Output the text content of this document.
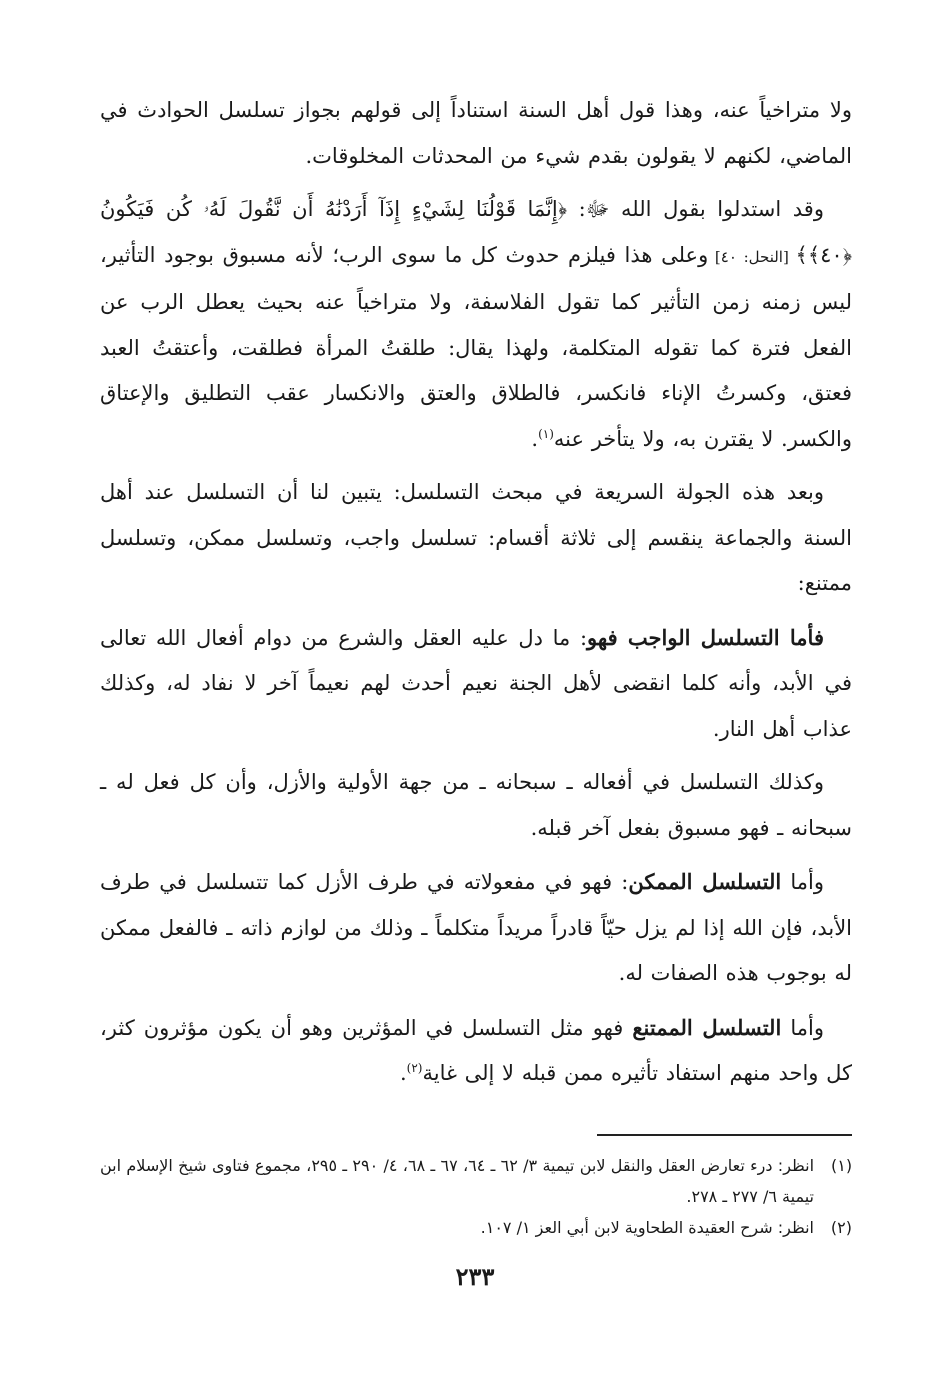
ولا متراخياً عنه، وهذا قول أهل السنة استناداً إلى قولهم بجواز تسلسل الحوادث في الماضي، لكنهم لا يقولون بقدم شيء من المحدثات المخلوقات.

وقد استدلوا بقول الله ﷻ: ﴿إِنَّمَا قَوْلُنَا لِشَيْءٍ إِذَآ أَرَدْنَٰهُ أَن نَّقُولَ لَهُۥ كُن فَيَكُونُ ﴿٤٠﴾﴾ [النحل: ٤٠] وعلى هذا فيلزم حدوث كل ما سوى الرب؛ لأنه مسبوق بوجود التأثير، ليس زمنه زمن التأثير كما تقول الفلاسفة، ولا متراخياً عنه بحيث يعطل الرب عن الفعل فترة كما تقوله المتكلمة، ولهذا يقال: طلقتُ المرأة فطلقت، وأعتقتُ العبد فعتق، وكسرتُ الإناء فانكسر، فالطلاق والعتق والانكسار عقب التطليق والإعتاق والكسر. لا يقترن به، ولا يتأخر عنه$^{(١)}$.

وبعد هذه الجولة السريعة في مبحث التسلسل: يتبين لنا أن التسلسل عند أهل السنة والجماعة ينقسم إلى ثلاثة أقسام: تسلسل واجب، وتسلسل ممكن، وتسلسل ممتنع:

فأما التسلسل الواجب فهو: ما دل عليه العقل والشرع من دوام أفعال الله تعالى في الأبد، وأنه كلما انقضى لأهل الجنة نعيم أحدث لهم نعيماً آخر لا نفاد له، وكذلك عذاب أهل النار.

وكذلك التسلسل في أفعاله ـ سبحانه ـ من جهة الأولية والأزل، وأن كل فعل له ـ سبحانه ـ فهو مسبوق بفعل آخر قبله.

وأما التسلسل الممكن: فهو في مفعولاته في طرف الأزل كما تتسلسل في طرف الأبد، فإن الله إذا لم يزل حيّاً قادراً مريداً متكلماً ـ وذلك من لوازم ذاته ـ فالفعل ممكن له بوجوب هذه الصفات له.

وأما التسلسل الممتنع فهو مثل التسلسل في المؤثرين وهو أن يكون مؤثرون كثر، كل واحد منهم استفاد تأثيره ممن قبله لا إلى غاية$^{(٢)}$.

(١)انظر: درء تعارض العقل والنقل لابن تيمية ٣/ ٦٢ ـ ٦٤، ٦٧ ـ ٦٨، ٤/ ٢٩٠ ـ ٢٩٥، مجموع فتاوى شيخ الإسلام ابن تيمية ٦/ ٢٧٧ ـ ٢٧٨.

(٢)انظر: شرح العقيدة الطحاوية لابن أبي العز ١/ ١٠٧.

٢٣٣
